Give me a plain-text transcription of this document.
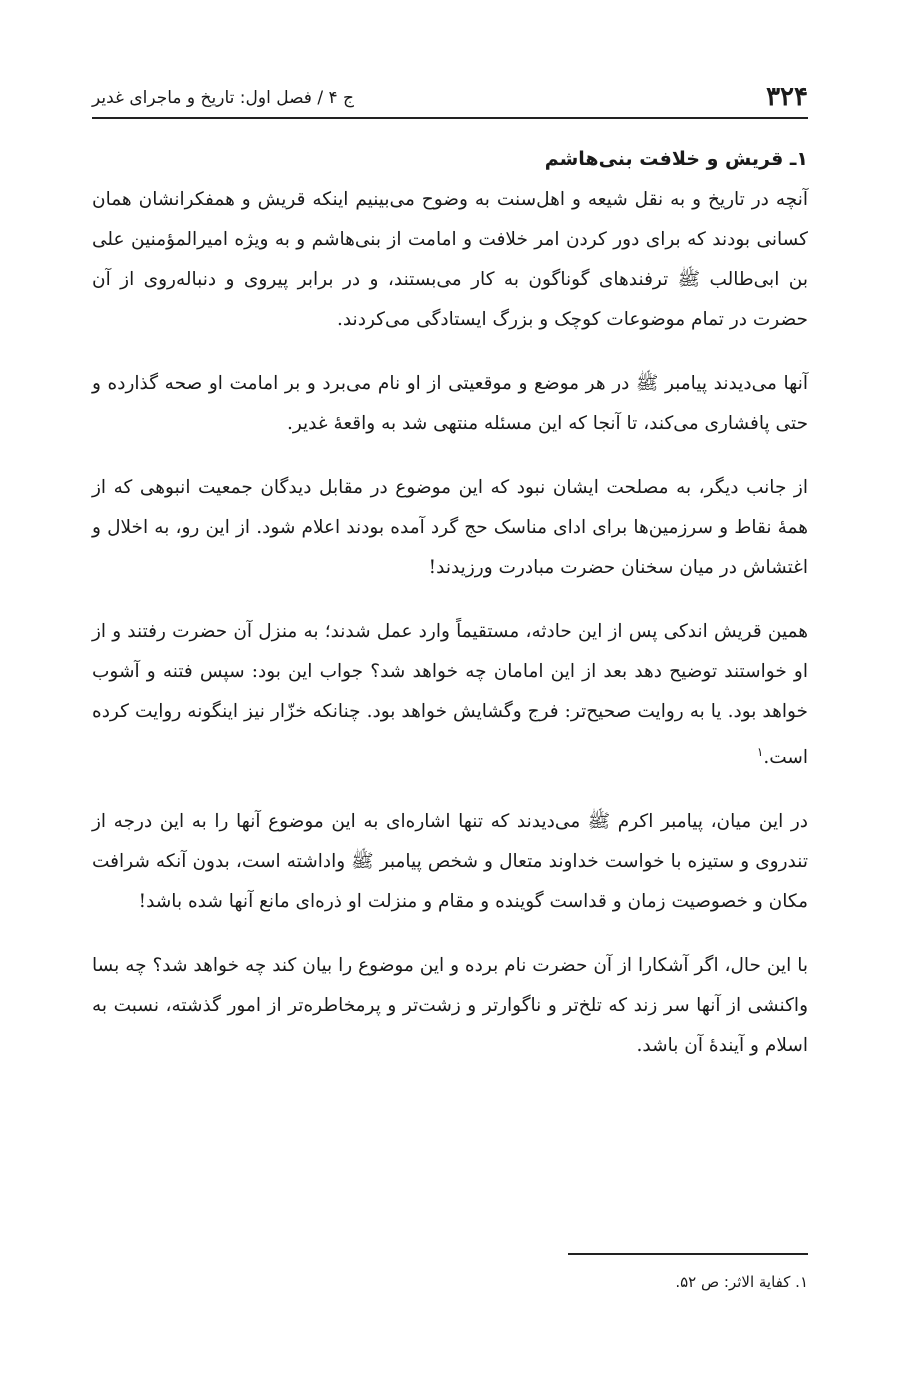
۳۲۴
ج ۴ / فصل اول: تاریخ و ماجرای غدیر
۱ـ قریش و خلافت بنی‌هاشم

آنچه در تاریخ و به نقل شیعه و اهل‌سنت به وضوح می‌بینیم اینکه قریش و همفکرانشان همان کسانی بودند که برای دور کردن امر خلافت و امامت از بنی‌هاشم و به ویژه امیرالمؤمنین علی بن ابی‌طالب ﷺ ترفندهای گوناگون به کار می‌بستند، و در برابر پیروی و دنباله‌روی از آن حضرت در تمام موضوعات کوچک و بزرگ ایستادگی می‌کردند.

آنها می‌دیدند پیامبر ﷺ در هر موضع و موقعیتی از او نام می‌برد و بر امامت او صحه گذارده و حتی پافشاری می‌کند، تا آنجا که این مسئله منتهی شد به واقعهٔ غدیر.

از جانب دیگر، به مصلحت ایشان نبود که این موضوع در مقابل دیدگان جمعیت انبوهی که از همهٔ نقاط و سرزمین‌ها برای ادای مناسک حج گرد آمده بودند اعلام شود. از این رو، به اخلال و اغتشاش در میان سخنان حضرت مبادرت ورزیدند!

همین قریش اندکی پس از این حادثه، مستقیماً وارد عمل شدند؛ به منزل آن حضرت رفتند و از او خواستند توضیح دهد بعد از این امامان چه خواهد شد؟ جواب این بود: سپس فتنه و آشوب خواهد بود. یا به روایت صحیح‌تر: فرج وگشایش خواهد بود. چنانکه خزّار نیز اینگونه روایت کرده است.$^۱$

در این میان، پیامبر اکرم ﷺ می‌دیدند که تنها اشاره‌ای به این موضوع آنها را به این درجه از تندروی و ستیزه با خواست خداوند متعال و شخص پیامبر ﷺ واداشته است، بدون آنکه شرافت مکان و خصوصیت زمان و قداست گوینده و مقام و منزلت او ذره‌ای مانع آنها شده باشد!

با این حال، اگر آشکارا از آن حضرت نام برده و این موضوع را بیان کند چه خواهد شد؟ چه بسا واکنشی از آنها سر زند که تلخ‌تر و ناگوارتر و زشت‌تر و پرمخاطره‌تر از امور گذشته، نسبت به اسلام و آیندهٔ آن باشد.

۱. کفایة الاثر: ص ۵۲.
